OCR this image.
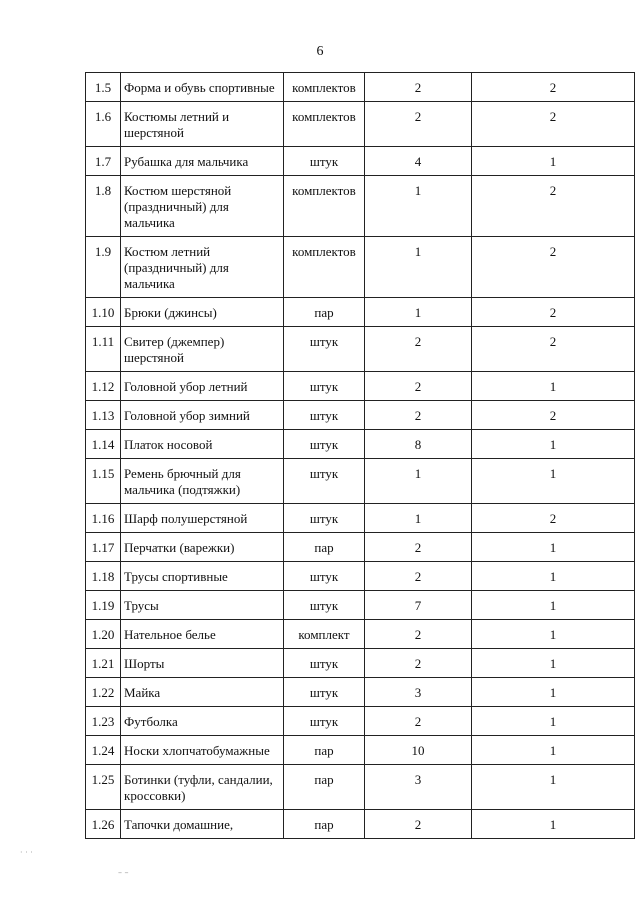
6
1.5	Форма и обувь спортивные	комплектов	2	2
1.6	Костюмы летний и шерстяной	комплектов	2	2
1.7	Рубашка для мальчика	штук	4	1
1.8	Костюм шерстяной (праздничный) для мальчика	комплектов	1	2
1.9	Костюм летний (праздничный) для мальчика	комплектов	1	2
1.10	Брюки (джинсы)	пар	1	2
1.11	Свитер (джемпер) шерстяной	штук	2	2
1.12	Головной убор летний	штук	2	1
1.13	Головной убор зимний	штук	2	2
1.14	Платок носовой	штук	8	1
1.15	Ремень брючный для мальчика (подтяжки)	штук	1	1
1.16	Шарф полушерстяной	штук	1	2
1.17	Перчатки (варежки)	пар	2	1
1.18	Трусы спортивные	штук	2	1
1.19	Трусы	штук	7	1
1.20	Нательное белье	комплект	2	1
1.21	Шорты	штук	2	1
1.22	Майка	штук	3	1
1.23	Футболка	штук	2	1
1.24	Носки хлопчатобумажные	пар	10	1
1.25	Ботинки (туфли, сандалии, кроссовки)	пар	3	1
1.26	Тапочки домашние,	пар	2	1
· · ·
– –
